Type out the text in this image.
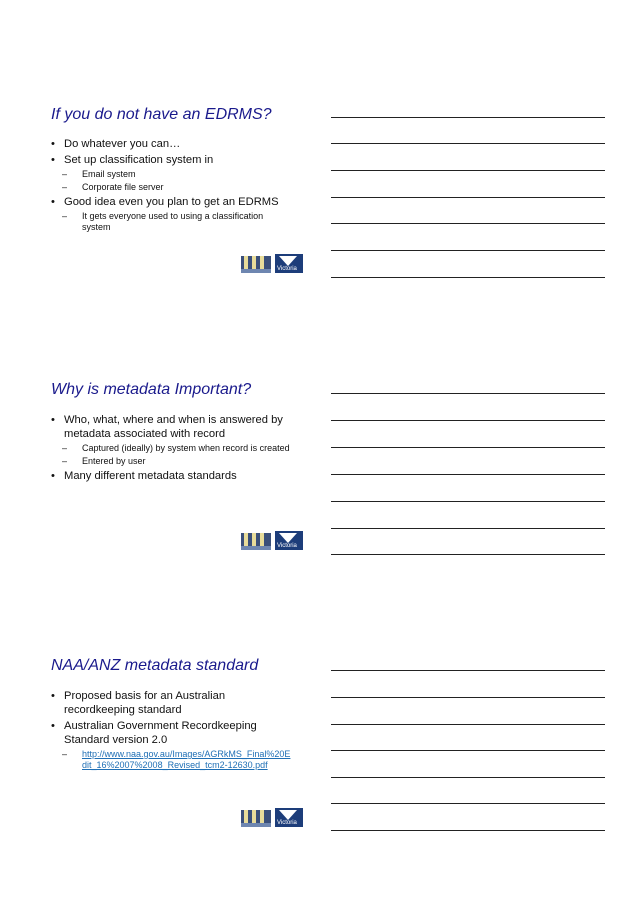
If you do not have an EDRMS?
• Do whatever you can…
• Set up classification system in
– Email system
– Corporate file server
• Good idea even you plan to get an EDRMS
– It gets everyone used to using a classification system
Victoria
Why is metadata Important?
• Who, what, where and when is answered by metadata associated with record
– Captured (ideally) by system when record is created
– Entered by user
• Many different metadata standards
Victoria
NAA/ANZ metadata standard
• Proposed basis for an Australian recordkeeping standard
• Australian Government Recordkeeping Standard version 2.0
– http://www.naa.gov.au/Images/AGRkMS_Final%20Edit_16%2007%2008_Revised_tcm2-12630.pdf
Victoria
